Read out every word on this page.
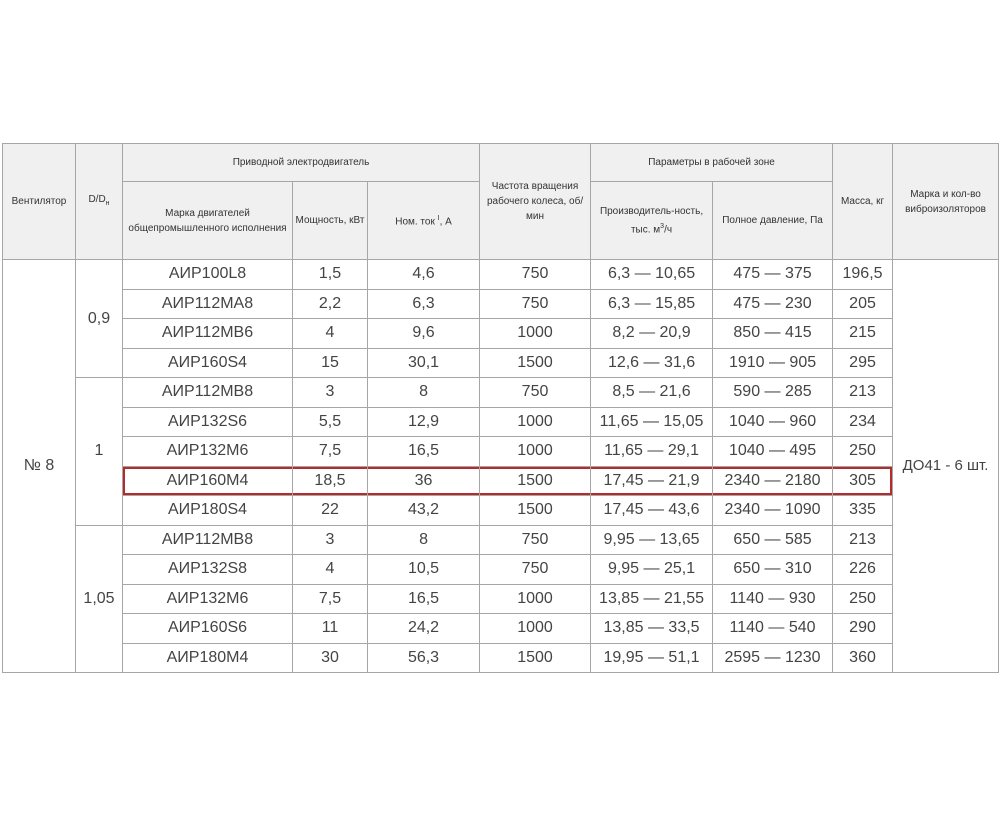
Вентилятор	$D/D_н$	Приводной электродвигатель			Частота вращения рабочего колеса, об/мин	Параметры в рабочей зоне		Масса, кг	Марка и кол-во виброизоляторов
		Марка двигателей общепромышленного исполнения	Мощность, кВт	Ном. ток $^I$, А		Производитель-ность, тыс. $м^3/ч$	Полное давление, Па		
№ 8	0,9	АИР100L8	1,5	4,6	750	6,3 — 10,65	475 — 375	196,5	ДО41 - 6 шт.
		АИР112МА8	2,2	6,3	750	6,3 — 15,85	475 — 230	205	
		АИР112МВ6	4	9,6	1000	8,2 — 20,9	850 — 415	215	
		АИР160S4	15	30,1	1500	12,6 — 31,6	1910 — 905	295	
	1	АИР112МВ8	3	8	750	8,5 — 21,6	590 — 285	213	
		АИР132S6	5,5	12,9	1000	11,65 — 15,05	1040 — 960	234	
		АИР132М6	7,5	16,5	1000	11,65 — 29,1	1040 — 495	250	
		АИР160М4	18,5	36	1500	17,45 — 21,9	2340 — 2180	305	
		АИР180S4	22	43,2	1500	17,45 — 43,6	2340 — 1090	335	
	1,05	АИР112МВ8	3	8	750	9,95 — 13,65	650 — 585	213	
		АИР132S8	4	10,5	750	9,95 — 25,1	650 — 310	226	
		АИР132М6	7,5	16,5	1000	13,85 — 21,55	1140 — 930	250	
		АИР160S6	11	24,2	1000	13,85 — 33,5	1140 — 540	290	
		АИР180М4	30	56,3	1500	19,95 — 51,1	2595 — 1230	360	
